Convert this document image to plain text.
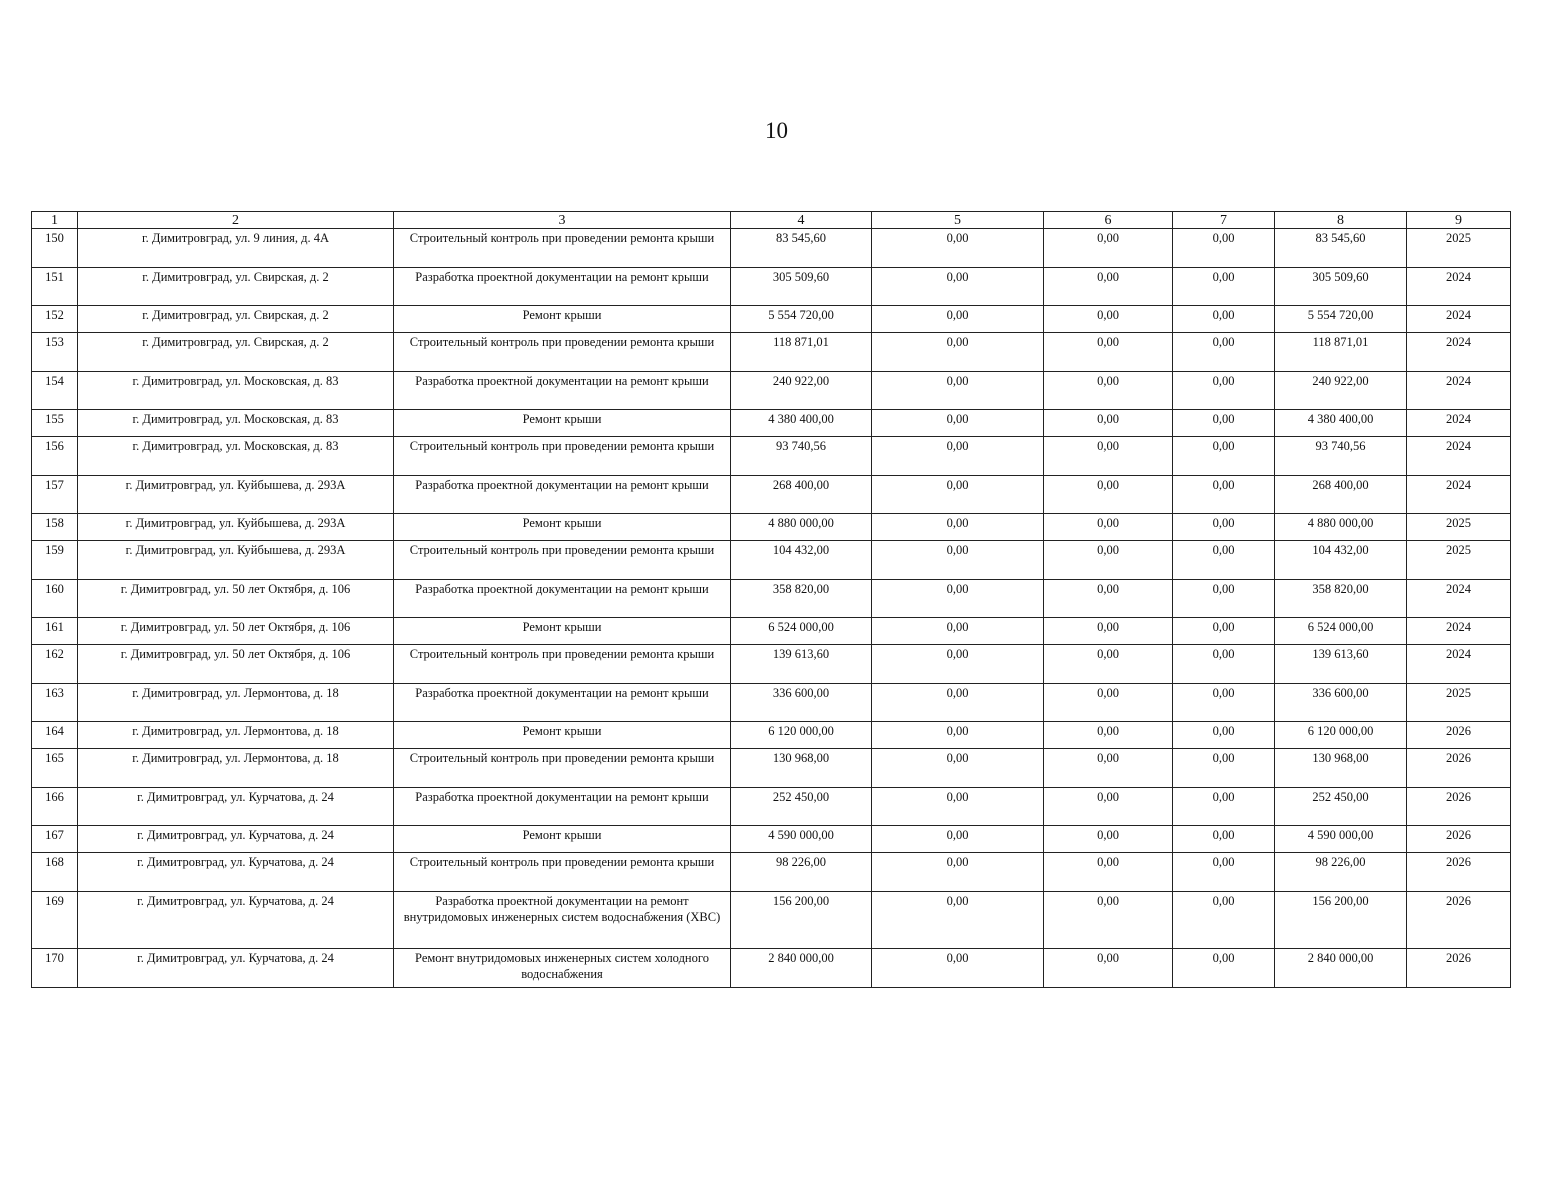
10
1	2	3	4	5	6	7	8	9
150	г. Димитровград, ул. 9 линия, д. 4А	Строительный контроль при проведении ремонта крыши	83 545,60	0,00	0,00	0,00	83 545,60	2025
151	г. Димитровград, ул. Свирская, д. 2	Разработка проектной документации на ремонт крыши	305 509,60	0,00	0,00	0,00	305 509,60	2024
152	г. Димитровград, ул. Свирская, д. 2	Ремонт крыши	5 554 720,00	0,00	0,00	0,00	5 554 720,00	2024
153	г. Димитровград, ул. Свирская, д. 2	Строительный контроль при проведении ремонта крыши	118 871,01	0,00	0,00	0,00	118 871,01	2024
154	г. Димитровград, ул. Московская, д. 83	Разработка проектной документации на ремонт крыши	240 922,00	0,00	0,00	0,00	240 922,00	2024
155	г. Димитровград, ул. Московская, д. 83	Ремонт крыши	4 380 400,00	0,00	0,00	0,00	4 380 400,00	2024
156	г. Димитровград, ул. Московская, д. 83	Строительный контроль при проведении ремонта крыши	93 740,56	0,00	0,00	0,00	93 740,56	2024
157	г. Димитровград, ул. Куйбышева, д. 293А	Разработка проектной документации на ремонт крыши	268 400,00	0,00	0,00	0,00	268 400,00	2024
158	г. Димитровград, ул. Куйбышева, д. 293А	Ремонт крыши	4 880 000,00	0,00	0,00	0,00	4 880 000,00	2025
159	г. Димитровград, ул. Куйбышева, д. 293А	Строительный контроль при проведении ремонта крыши	104 432,00	0,00	0,00	0,00	104 432,00	2025
160	г. Димитровград, ул. 50 лет Октября, д. 106	Разработка проектной документации на ремонт крыши	358 820,00	0,00	0,00	0,00	358 820,00	2024
161	г. Димитровград, ул. 50 лет Октября, д. 106	Ремонт крыши	6 524 000,00	0,00	0,00	0,00	6 524 000,00	2024
162	г. Димитровград, ул. 50 лет Октября, д. 106	Строительный контроль при проведении ремонта крыши	139 613,60	0,00	0,00	0,00	139 613,60	2024
163	г. Димитровград, ул. Лермонтова, д. 18	Разработка проектной документации на ремонт крыши	336 600,00	0,00	0,00	0,00	336 600,00	2025
164	г. Димитровград, ул. Лермонтова, д. 18	Ремонт крыши	6 120 000,00	0,00	0,00	0,00	6 120 000,00	2026
165	г. Димитровград, ул. Лермонтова, д. 18	Строительный контроль при проведении ремонта крыши	130 968,00	0,00	0,00	0,00	130 968,00	2026
166	г. Димитровград, ул. Курчатова, д. 24	Разработка проектной документации на ремонт крыши	252 450,00	0,00	0,00	0,00	252 450,00	2026
167	г. Димитровград, ул. Курчатова, д. 24	Ремонт крыши	4 590 000,00	0,00	0,00	0,00	4 590 000,00	2026
168	г. Димитровград, ул. Курчатова, д. 24	Строительный контроль при проведении ремонта крыши	98 226,00	0,00	0,00	0,00	98 226,00	2026
169	г. Димитровград, ул. Курчатова, д. 24	Разработка проектной документации на ремонт внутридомовых инженерных систем водоснабжения (ХВС)	156 200,00	0,00	0,00	0,00	156 200,00	2026
170	г. Димитровград, ул. Курчатова, д. 24	Ремонт внутридомовых инженерных систем холодного водоснабжения	2 840 000,00	0,00	0,00	0,00	2 840 000,00	2026
